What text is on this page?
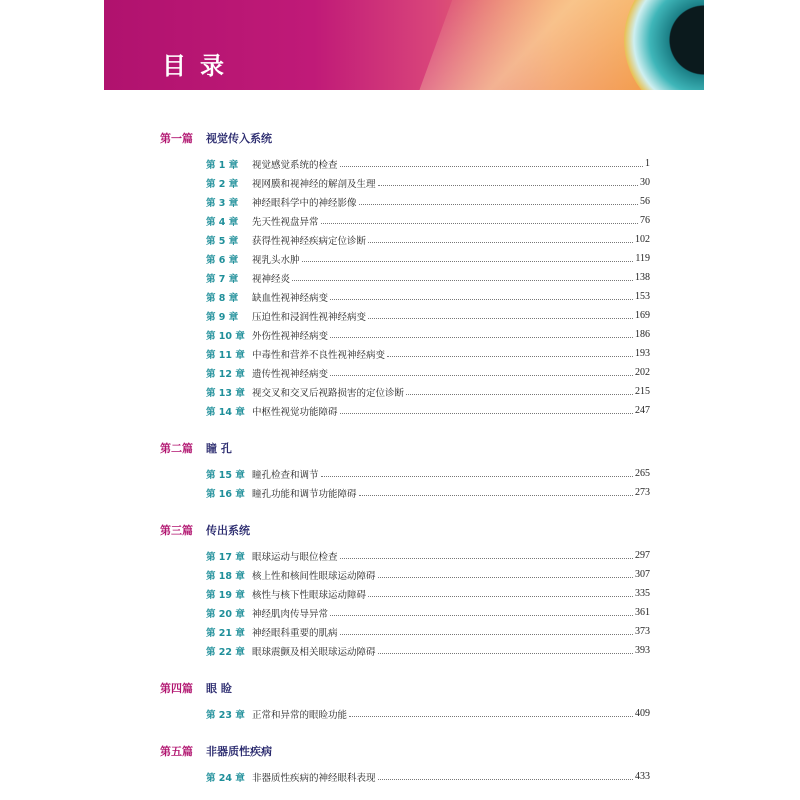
目录
第一篇	视觉传入系统
第 1 章	视觉感觉系统的检查	1
第 2 章	视网膜和视神经的解剖及生理	30
第 3 章	神经眼科学中的神经影像	56
第 4 章	先天性视盘异常	76
第 5 章	获得性视神经疾病定位诊断	102
第 6 章	视乳头水肿	119
第 7 章	视神经炎	138
第 8 章	缺血性视神经病变	153
第 9 章	压迫性和浸润性视神经病变	169
第 10 章 外伤性视神经病变	186
第 11 章 中毒性和营养不良性视神经病变	193
第 12 章 遗传性视神经病变	202
第 13 章 视交叉和交叉后视路损害的定位诊断	215
第 14 章 中枢性视觉功能障碍	247
第二篇	瞳 孔
第 15 章 瞳孔检查和调节	265
第 16 章 瞳孔功能和调节功能障碍	273
第三篇	传出系统
第 17 章 眼球运动与眼位检查	297
第 18 章 核上性和核间性眼球运动障碍	307
第 19 章 核性与核下性眼球运动障碍	335
第 20 章 神经肌肉传导异常	361
第 21 章 神经眼科重要的肌病	373
第 22 章 眼球震颤及相关眼球运动障碍	393
第四篇	眼 睑
第 23 章 正常和异常的眼睑功能	409
第五篇	非器质性疾病
第 24 章 非器质性疾病的神经眼科表现	433
